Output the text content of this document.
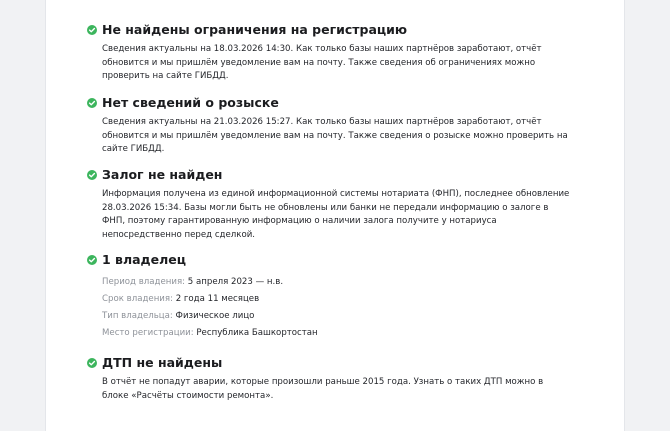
Не найдены ограничения на регистрацию
Сведения актуальны на 18.03.2026 14:30. Как только базы наших партнёров заработают, отчёт обновится и мы пришлём уведомление вам на почту. Также сведения об ограничениях можно проверить на сайте ГИБДД.
Нет сведений о розыске
Сведения актуальны на 21.03.2026 15:27. Как только базы наших партнёров заработают, отчёт обновится и мы пришлём уведомление вам на почту. Также сведения о розыске можно проверить на сайте ГИБДД.
Залог не найден
Информация получена из единой информационной системы нотариата (ФНП), последнее обновление 28.03.2026 15:34. Базы могли быть не обновлены или банки не передали информацию о залоге в ФНП, поэтому гарантированную информацию о наличии залога получите у нотариуса непосредственно перед сделкой.
1 владелец
Период владения: 5 апреля 2023 — н.в.
Срок владения: 2 года 11 месяцев
Тип владельца: Физическое лицо
Место регистрации: Республика Башкортостан
ДТП не найдены
В отчёт не попадут аварии, которые произошли раньше 2015 года. Узнать о таких ДТП можно в блоке «Расчёты стоимости ремонта».
